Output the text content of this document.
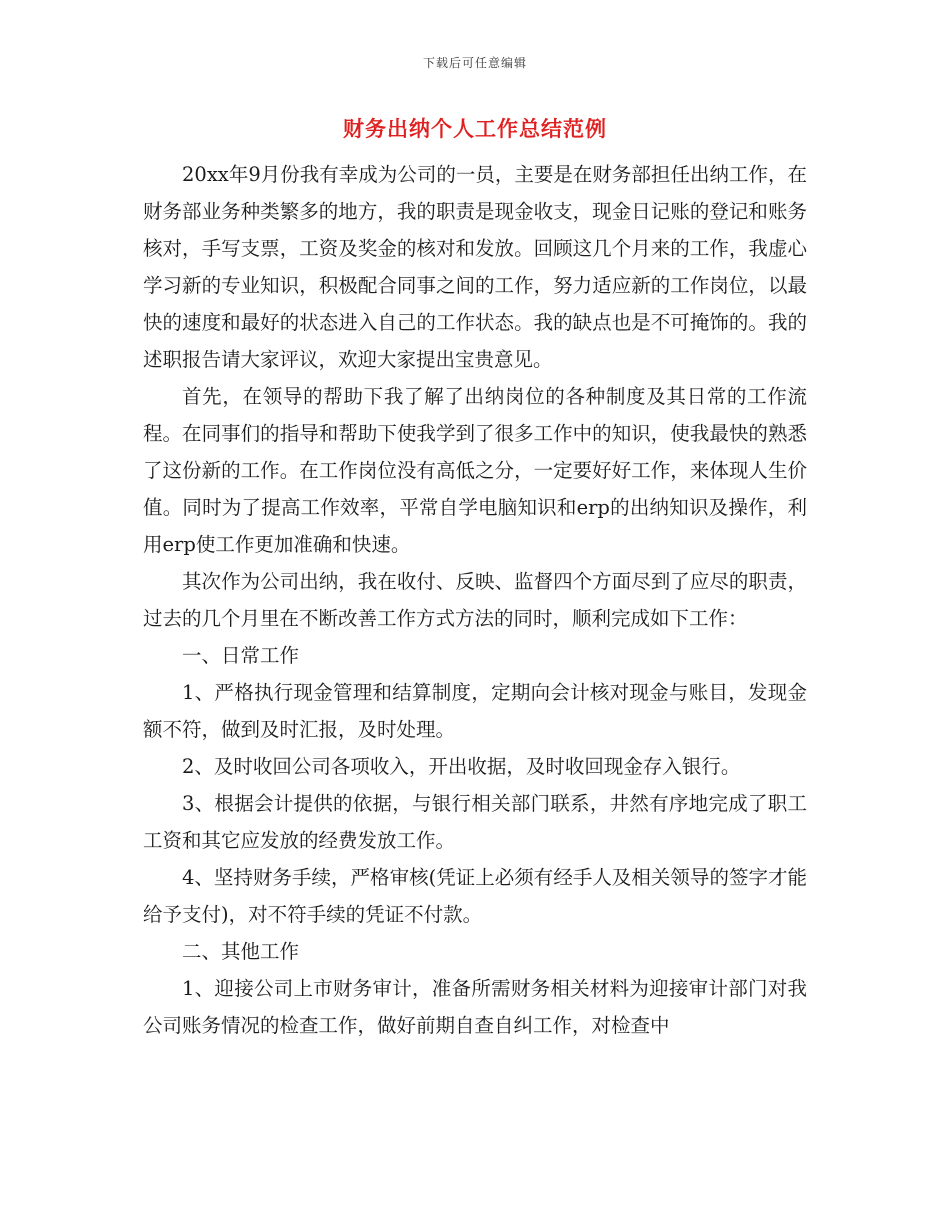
下载后可任意编辑
财务出纳个人工作总结范例

20xx年9月份我有幸成为公司的一员，主要是在财务部担任出纳工作，在财务部业务种类繁多的地方，我的职责是现金收支，现金日记账的登记和账务核对，手写支票，工资及奖金的核对和发放。回顾这几个月来的工作，我虚心学习新的专业知识，积极配合同事之间的工作，努力适应新的工作岗位，以最快的速度和最好的状态进入自己的工作状态。我的缺点也是不可掩饰的。我的述职报告请大家评议，欢迎大家提出宝贵意见。

首先，在领导的帮助下我了解了出纳岗位的各种制度及其日常的工作流程。在同事们的指导和帮助下使我学到了很多工作中的知识，使我最快的熟悉了这份新的工作。在工作岗位没有高低之分，一定要好好工作，来体现人生价值。同时为了提高工作效率，平常自学电脑知识和erp的出纳知识及操作，利用erp使工作更加准确和快速。

其次作为公司出纳，我在收付、反映、监督四个方面尽到了应尽的职责，过去的几个月里在不断改善工作方式方法的同时，顺利完成如下工作：

一、日常工作

1、严格执行现金管理和结算制度，定期向会计核对现金与账目，发现金额不符，做到及时汇报，及时处理。

2、及时收回公司各项收入，开出收据，及时收回现金存入银行。

3、根据会计提供的依据，与银行相关部门联系，井然有序地完成了职工工资和其它应发放的经费发放工作。

4、坚持财务手续，严格审核(凭证上必须有经手人及相关领导的签字才能给予支付)，对不符手续的凭证不付款。

二、其他工作

1、迎接公司上市财务审计，准备所需财务相关材料为迎接审计部门对我公司账务情况的检查工作，做好前期自查自纠工作，对检查中
